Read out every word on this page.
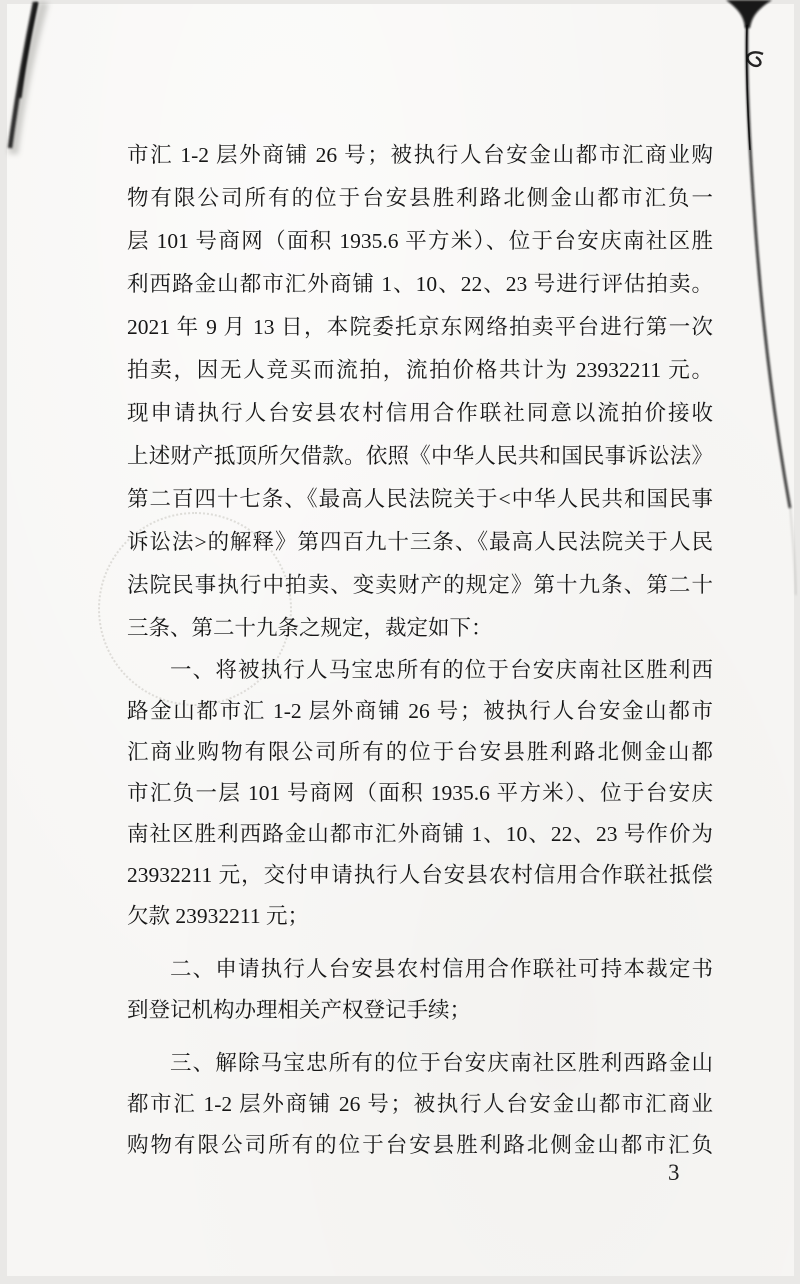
市汇 1-2 层外商铺 26 号；被执行人台安金山都市汇商业购
物有限公司所有的位于台安县胜利路北侧金山都市汇负一
层 101 号商网（面积 1935.6 平方米）、位于台安庆南社区胜
利西路金山都市汇外商铺 1、10、22、23 号进行评估拍卖。
2021 年 9 月 13 日，本院委托京东网络拍卖平台进行第一次
拍卖，因无人竞买而流拍，流拍价格共计为 23932211 元。
现申请执行人台安县农村信用合作联社同意以流拍价接收
上述财产抵顶所欠借款。依照《中华人民共和国民事诉讼法》
第二百四十七条、《最高人民法院关于<中华人民共和国民事
诉讼法>的解释》第四百九十三条、《最高人民法院关于人民
法院民事执行中拍卖、变卖财产的规定》第十九条、第二十
三条、第二十九条之规定，裁定如下：
一、将被执行人马宝忠所有的位于台安庆南社区胜利西
路金山都市汇 1-2 层外商铺 26 号；被执行人台安金山都市
汇商业购物有限公司所有的位于台安县胜利路北侧金山都
市汇负一层 101 号商网（面积 1935.6 平方米）、位于台安庆
南社区胜利西路金山都市汇外商铺 1、10、22、23 号作价为
23932211 元，交付申请执行人台安县农村信用合作联社抵偿
欠款 23932211 元；
二、申请执行人台安县农村信用合作联社可持本裁定书
到登记机构办理相关产权登记手续；
三、解除马宝忠所有的位于台安庆南社区胜利西路金山
都市汇 1-2 层外商铺 26 号；被执行人台安金山都市汇商业
购物有限公司所有的位于台安县胜利路北侧金山都市汇负
3
